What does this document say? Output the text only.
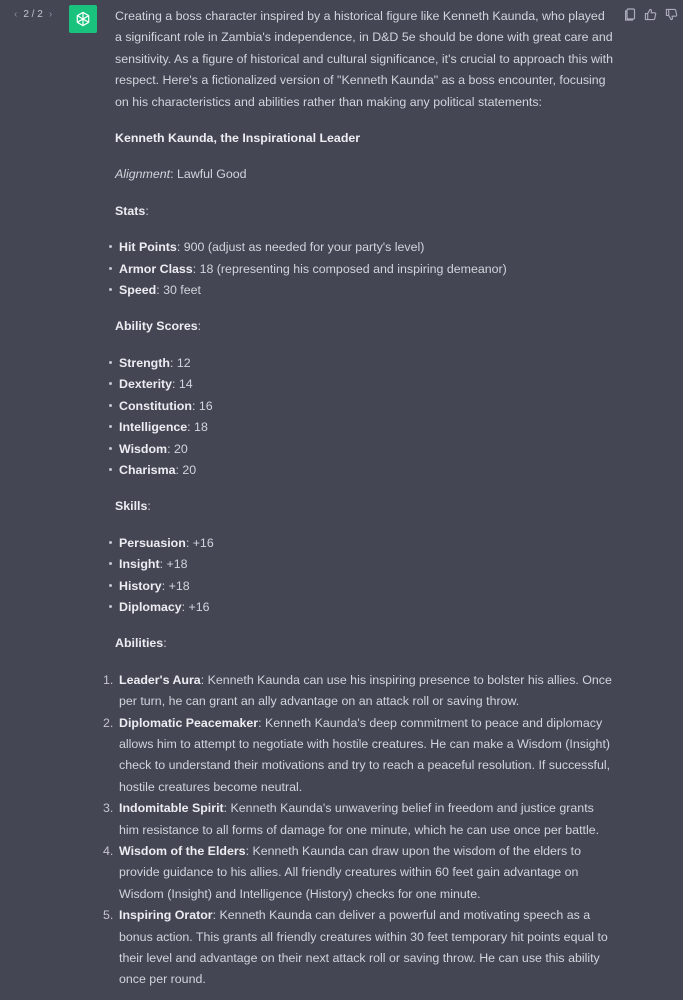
‹ 2 / 2 ›	Creating a boss character inspired by a historical figure like Kenneth Kaunda, who played a significant role in Zambia's independence, in D&D 5e should be done with great care and sensitivity. As a figure of historical and cultural significance, it's crucial to approach this with respect. Here's a fictionalized version of "Kenneth Kaunda" as a boss encounter, focusing on his characteristics and abilities rather than making any political statements:

Kenneth Kaunda, the Inspirational Leader

Alignment: Lawful Good

Stats:

Hit Points: 900 (adjust as needed for your party's level)
Armor Class: 18 (representing his composed and inspiring demeanor)
Speed: 30 feet

Ability Scores:

Strength: 12
Dexterity: 14
Constitution: 16
Intelligence: 18
Wisdom: 20
Charisma: 20

Skills:

Persuasion: +16
Insight: +18
History: +18
Diplomacy: +16

Abilities:

1. Leader's Aura: Kenneth Kaunda can use his inspiring presence to bolster his allies. Once per turn, he can grant an ally advantage on an attack roll or saving throw.
2. Diplomatic Peacemaker: Kenneth Kaunda's deep commitment to peace and diplomacy allows him to attempt to negotiate with hostile creatures. He can make a Wisdom (Insight) check to understand their motivations and try to reach a peaceful resolution. If successful, hostile creatures become neutral.
3. Indomitable Spirit: Kenneth Kaunda's unwavering belief in freedom and justice grants him resistance to all forms of damage for one minute, which he can use once per battle.
4. Wisdom of the Elders: Kenneth Kaunda can draw upon the wisdom of the elders to provide guidance to his allies. All friendly creatures within 60 feet gain advantage on Wisdom (Insight) and Intelligence (History) checks for one minute.
5. Inspiring Orator: Kenneth Kaunda can deliver a powerful and motivating speech as a bonus action. This grants all friendly creatures within 30 feet temporary hit points equal to their level and advantage on their next attack roll or saving throw. He can use this ability once per round.
